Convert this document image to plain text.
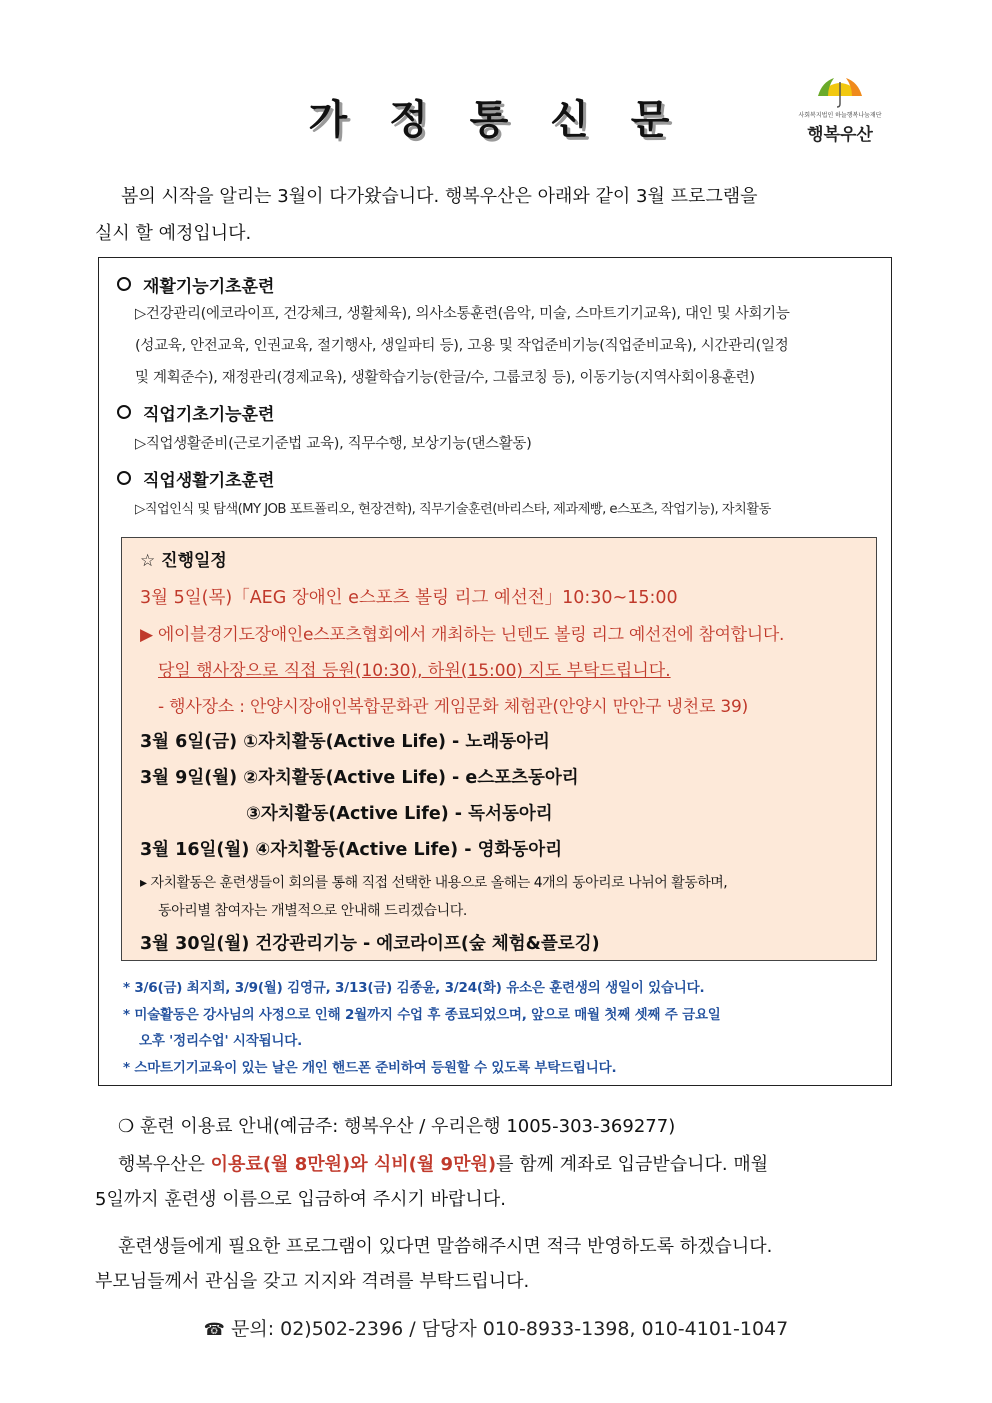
가 정 통 신 문	사회복지법인 하늘행복나눔재단
행복우산
봄의 시작을 알리는 3월이 다가왔습니다. 행복우산은 아래와 같이 3월 프로그램을
실시 할 예정입니다.
재활기능기초훈련
▷건강관리(에코라이프, 건강체크, 생활체육), 의사소통훈련(음악, 미술, 스마트기기교육), 대인 및 사회기능
(성교육, 안전교육, 인권교육, 절기행사, 생일파티 등), 고용 및 작업준비기능(직업준비교육), 시간관리(일정
및 계획준수), 재정관리(경제교육), 생활학습기능(한글/수, 그룹코칭 등), 이동기능(지역사회이용훈련)
직업기초기능훈련
▷직업생활준비(근로기준법 교육), 직무수행, 보상기능(댄스활동)
직업생활기초훈련
▷직업인식 및 탐색(MY JOB 포트폴리오, 현장견학), 직무기술훈련(바리스타, 제과제빵, e스포츠, 작업기능), 자치활동
☆ 진행일정
3월 5일(목)「AEG 장애인 e스포츠 볼링 리그 예선전」10:30~15:00
▶ 에이블경기도장애인e스포츠협회에서 개최하는 닌텐도 볼링 리그 예선전에 참여합니다.
당일 행사장으로 직접 등원(10:30), 하원(15:00) 지도 부탁드립니다.
- 행사장소 : 안양시장애인복합문화관 게임문화 체험관(안양시 만안구 냉천로 39)
3월 6일(금) ①자치활동(Active Life) - 노래동아리
3월 9일(월) ②자치활동(Active Life) - e스포츠동아리
③자치활동(Active Life) - 독서동아리
3월 16일(월) ④자치활동(Active Life) - 영화동아리
▸ 자치활동은 훈련생들이 회의를 통해 직접 선택한 내용으로 올해는 4개의 동아리로 나뉘어 활동하며,
동아리별 참여자는 개별적으로 안내해 드리겠습니다.
3월 30일(월) 건강관리기능 - 에코라이프(숲 체험&플로깅)
* 3/6(금) 최지희, 3/9(월) 김영규, 3/13(금) 김종윤, 3/24(화) 유소은 훈련생의 생일이 있습니다.
* 미술활동은 강사님의 사정으로 인해 2월까지 수업 후 종료되었으며, 앞으로 매월 첫째 셋째 주 금요일
오후 '정리수업' 시작됩니다.
* 스마트기기교육이 있는 날은 개인 핸드폰 준비하여 등원할 수 있도록 부탁드립니다.
❍ 훈련 이용료 안내(예금주: 행복우산 / 우리은행 1005-303-369277)
행복우산은 이용료(월 8만원)와 식비(월 9만원)를 함께 계좌로 입금받습니다. 매월
5일까지 훈련생 이름으로 입금하여 주시기 바랍니다.
훈련생들에게 필요한 프로그램이 있다면 말씀해주시면 적극 반영하도록 하겠습니다.
부모님들께서 관심을 갖고 지지와 격려를 부탁드립니다.
☎ 문의: 02)502-2396 / 담당자 010-8933-1398, 010-4101-1047
